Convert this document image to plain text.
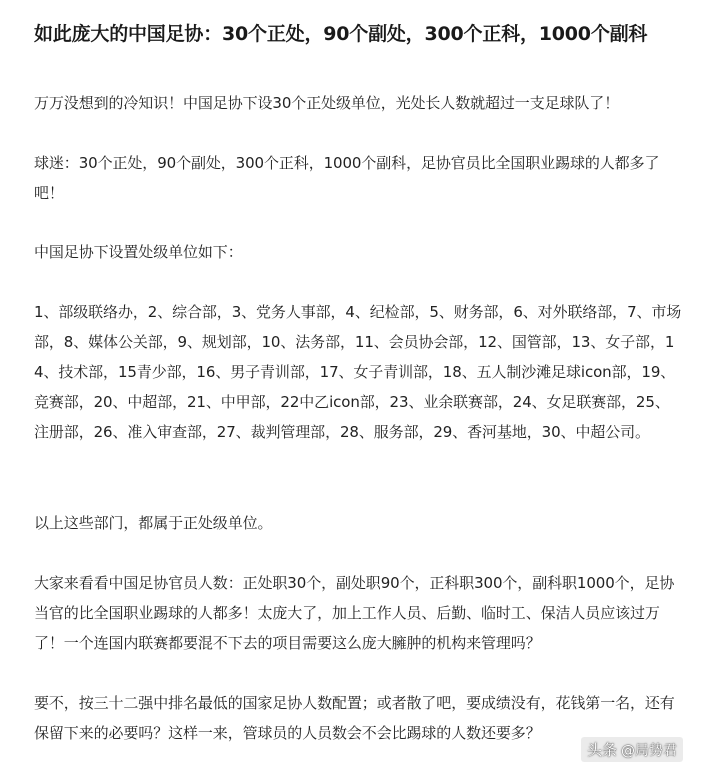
如此庞大的中国足协：30个正处，90个副处，300个正科，1000个副科

万万没想到的冷知识！中国足协下设30个正处级单位，光处长人数就超过一支足球队了！

球迷：30个正处，90个副处，300个正科，1000个副科，足协官员比全国职业踢球的人都多了吧！

中国足协下设置处级单位如下：

1、部级联络办，2、综合部，3、党务人事部，4、纪检部，5、财务部，6、对外联络部，7、市场部，8、媒体公关部，9、规划部，10、法务部，11、会员协会部，12、国管部，13、女子部，14、技术部，15青少部，16、男子青训部，17、女子青训部，18、五人制沙滩足球icon部，19、竞赛部，20、中超部，21、中甲部，22中乙icon部，23、业余联赛部，24、女足联赛部，25、注册部，26、准入审查部，27、裁判管理部，28、服务部，29、香河基地，30、中超公司。

以上这些部门，都属于正处级单位。

大家来看看中国足协官员人数：正处职30个，副处职90个，正科职300个，副科职1000个，足协当官的比全国职业踢球的人都多！太庞大了，加上工作人员、后勤、临时工、保洁人员应该过万了！一个连国内联赛都要混不下去的项目需要这么庞大臃肿的机构来管理吗？

要不，按三十二强中排名最低的国家足协人数配置；或者散了吧，要成绩没有，花钱第一名，还有保留下来的必要吗？这样一来，管球员的人员数会不会比踢球的人数还要多？

头条 @局势君
